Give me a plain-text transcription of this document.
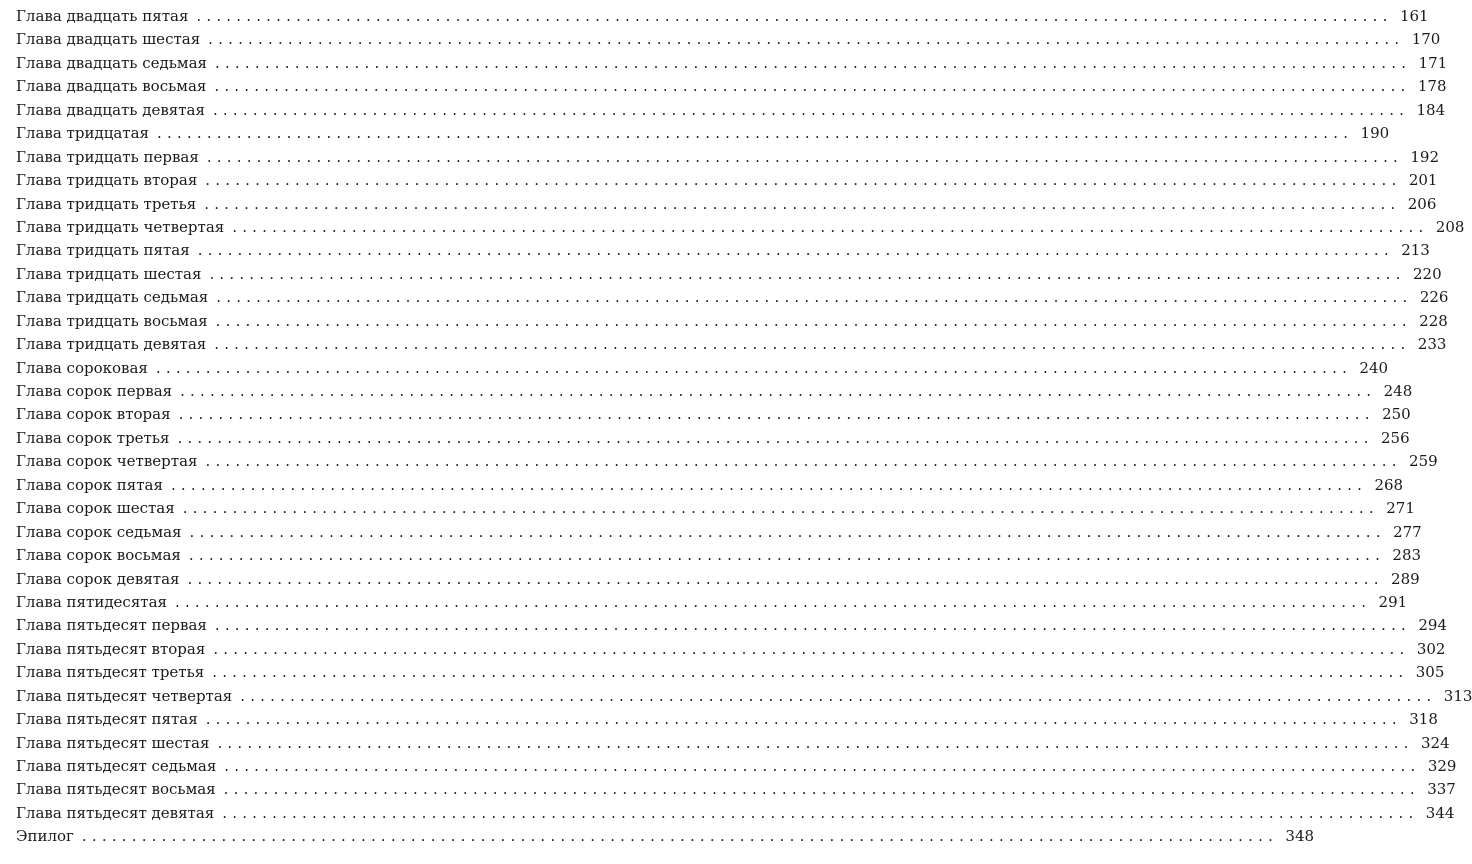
Глава двадцать пятая ........................................................................................................................ 161
Глава двадцать шестая ........................................................................................................................ 170
Глава двадцать седьмая ........................................................................................................................ 171
Глава двадцать восьмая ........................................................................................................................ 178
Глава двадцать девятая ........................................................................................................................ 184
Глава тридцатая ........................................................................................................................ 190
Глава тридцать первая ........................................................................................................................ 192
Глава тридцать вторая ........................................................................................................................ 201
Глава тридцать третья ........................................................................................................................ 206
Глава тридцать четвертая ........................................................................................................................ 208
Глава тридцать пятая ........................................................................................................................ 213
Глава тридцать шестая ........................................................................................................................ 220
Глава тридцать седьмая ........................................................................................................................ 226
Глава тридцать восьмая ........................................................................................................................ 228
Глава тридцать девятая ........................................................................................................................ 233
Глава сороковая ........................................................................................................................ 240
Глава сорок первая ........................................................................................................................ 248
Глава сорок вторая ........................................................................................................................ 250
Глава сорок третья ........................................................................................................................ 256
Глава сорок четвертая ........................................................................................................................ 259
Глава сорок пятая ........................................................................................................................ 268
Глава сорок шестая ........................................................................................................................ 271
Глава сорок седьмая ........................................................................................................................ 277
Глава сорок восьмая ........................................................................................................................ 283
Глава сорок девятая ........................................................................................................................ 289
Глава пятидесятая ........................................................................................................................ 291
Глава пятьдесят первая ........................................................................................................................ 294
Глава пятьдесят вторая ........................................................................................................................ 302
Глава пятьдесят третья ........................................................................................................................ 305
Глава пятьдесят четвертая ........................................................................................................................ 313
Глава пятьдесят пятая ........................................................................................................................ 318
Глава пятьдесят шестая ........................................................................................................................ 324
Глава пятьдесят седьмая ........................................................................................................................ 329
Глава пятьдесят восьмая ........................................................................................................................ 337
Глава пятьдесят девятая ........................................................................................................................ 344
Эпилог ........................................................................................................................ 348
